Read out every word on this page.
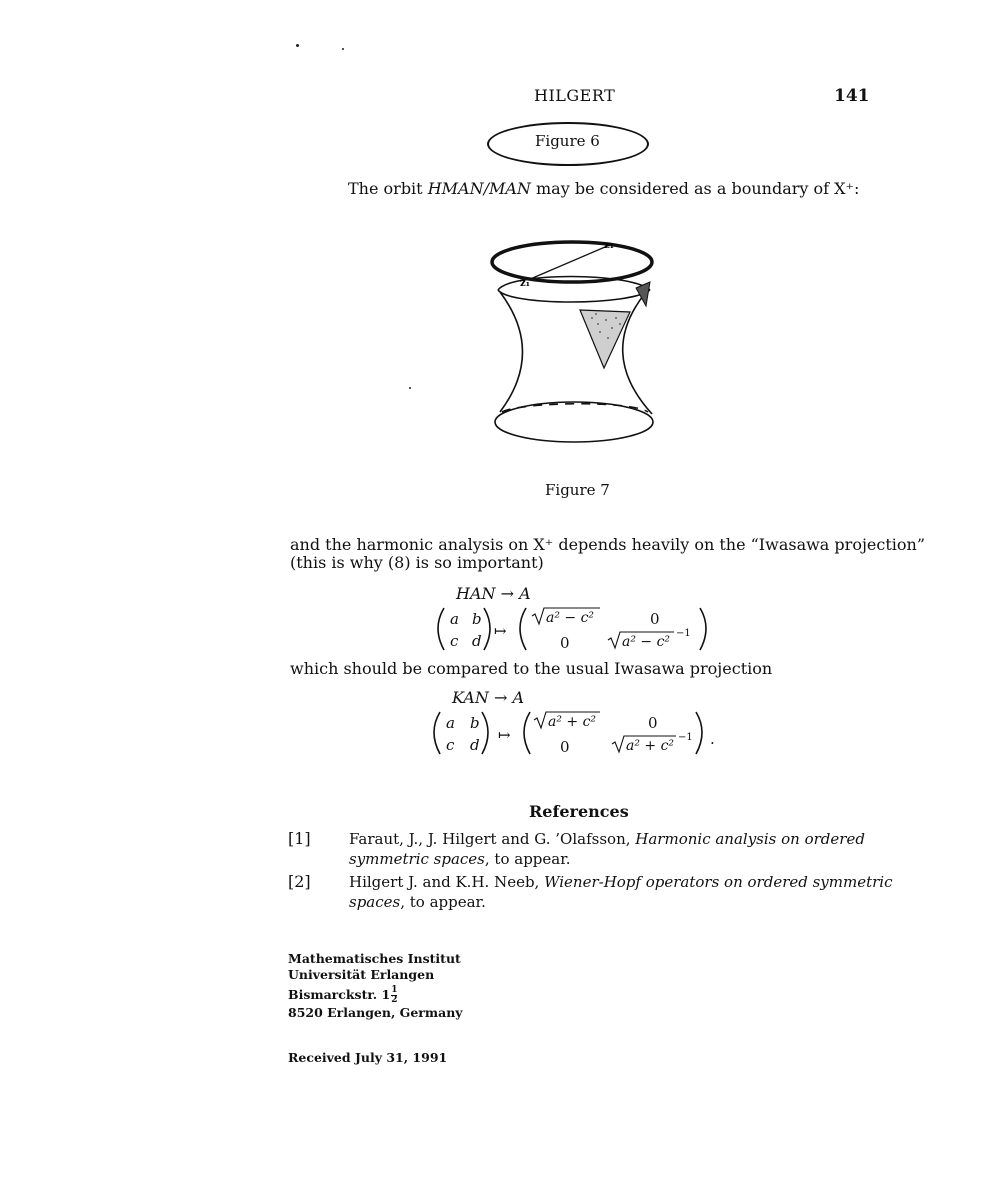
HILGERT	141
Figure 6
The orbit HMAN/MAN may be considered as a boundary of X⁺:
z₁
z₁
Figure 7
and the harmonic analysis on X⁺ depends heavily on the “Iwasawa projection”
(this is why (8) is so important)
HAN → A
a b
c d
↦
a² − c²	0
0	a² − c²
−1
which should be compared to the usual Iwasawa projection
KAN → A
a b
c d
↦
a² + c²	0
0	a² + c²
−1 .
References
[1]	Faraut, J., J. Hilgert and G. ’Olafsson, Harmonic analysis on ordered
symmetric spaces, to appear.
[2]	Hilgert J. and K.H. Neeb, Wiener-Hopf operators on ordered symmetric
spaces, to appear.
Mathematisches Institut
Universität Erlangen
Bismarckstr. $1 \frac{1}{2}$
8520 Erlangen, Germany
Received July 31, 1991
